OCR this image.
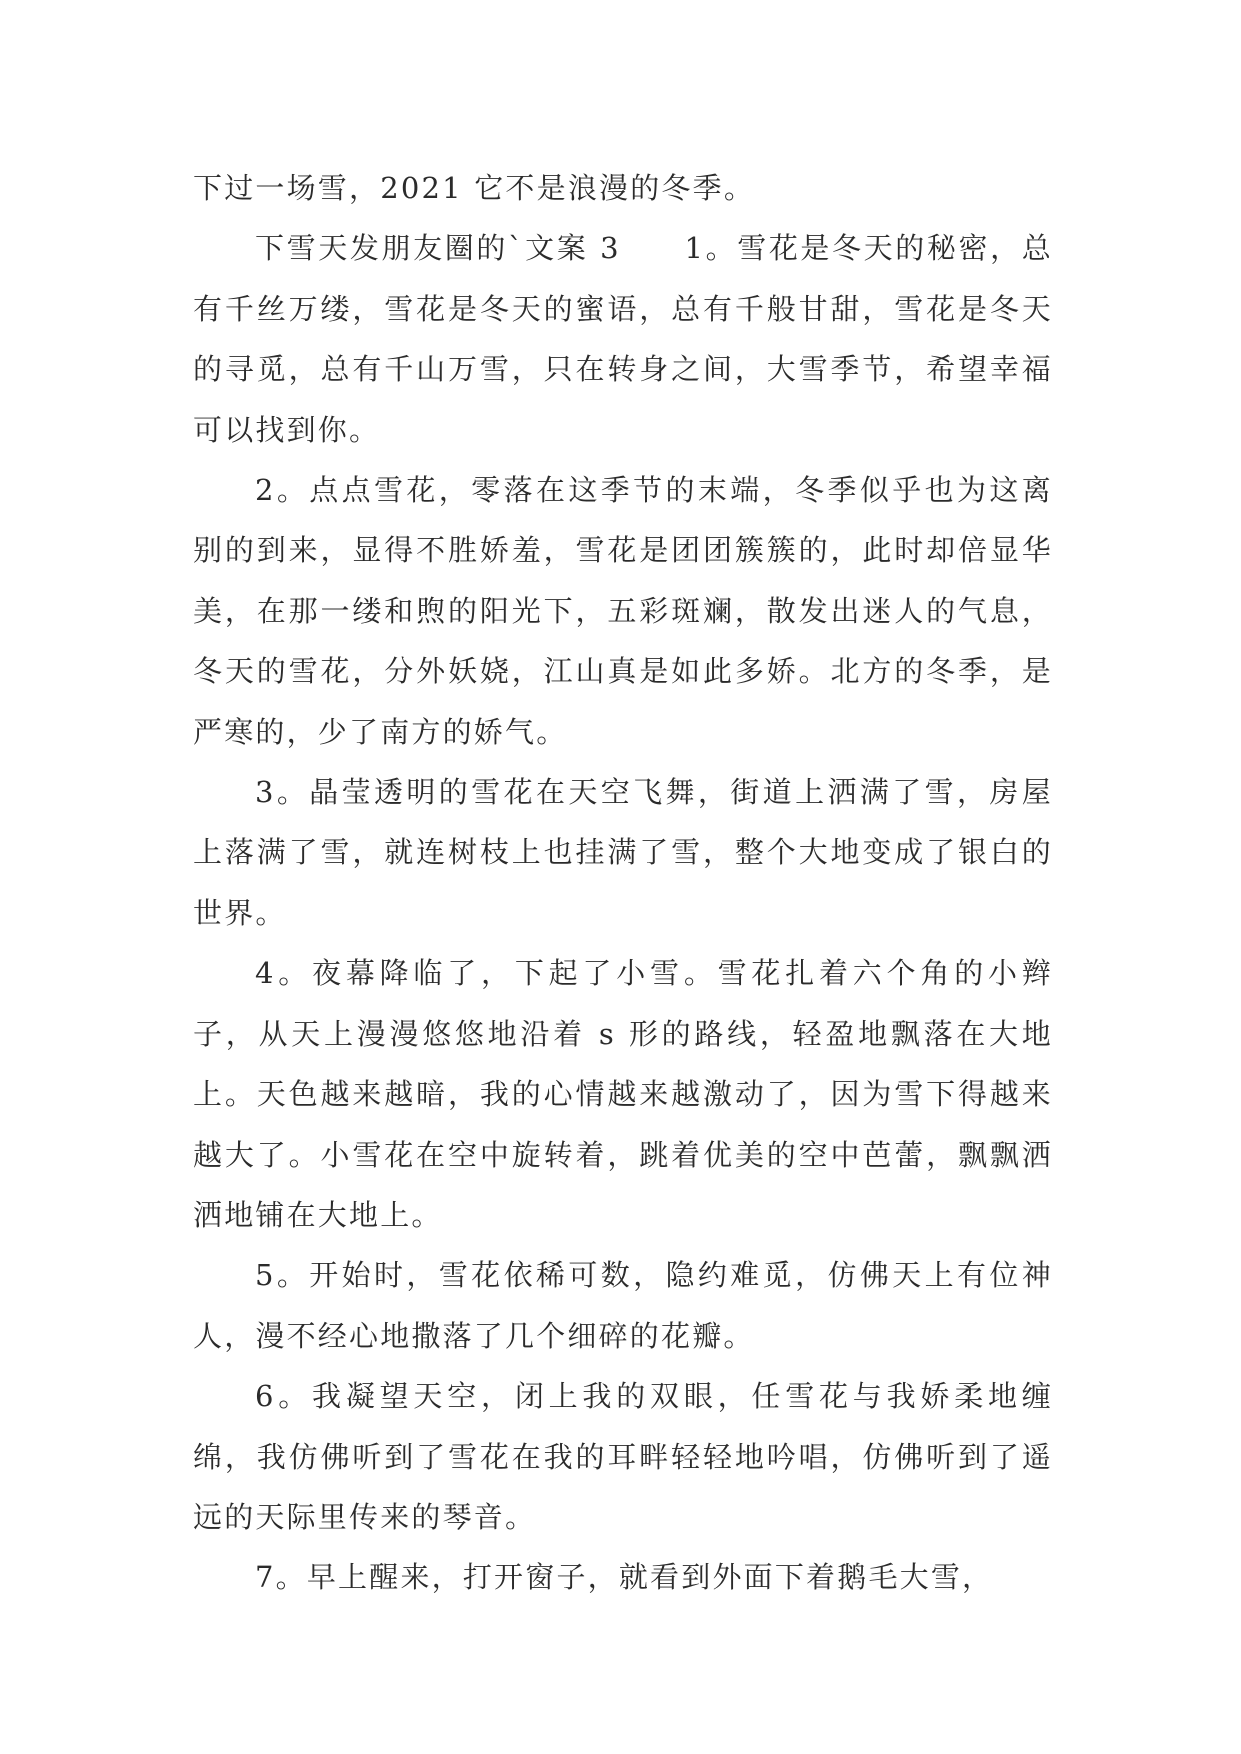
下过一场雪，2021 它不是浪漫的冬季。

下雪天发朋友圈的`文案 3　　1。雪花是冬天的秘密，总有千丝万缕，雪花是冬天的蜜语，总有千般甘甜，雪花是冬天的寻觅，总有千山万雪，只在转身之间，大雪季节，希望幸福可以找到你。

2。点点雪花，零落在这季节的末端，冬季似乎也为这离别的到来，显得不胜娇羞，雪花是团团簇簇的，此时却倍显华美，在那一缕和煦的阳光下，五彩斑斓，散发出迷人的气息，冬天的雪花，分外妖娆，江山真是如此多娇。北方的冬季，是严寒的，少了南方的娇气。

3。晶莹透明的雪花在天空飞舞，街道上洒满了雪，房屋上落满了雪，就连树枝上也挂满了雪，整个大地变成了银白的世界。

4。夜幕降临了，下起了小雪。雪花扎着六个角的小辫子，从天上漫漫悠悠地沿着 s 形的路线，轻盈地飘落在大地上。天色越来越暗，我的心情越来越激动了，因为雪下得越来越大了。小雪花在空中旋转着，跳着优美的空中芭蕾，飘飘洒洒地铺在大地上。

5。开始时，雪花依稀可数，隐约难觅，仿佛天上有位神人，漫不经心地撒落了几个细碎的花瓣。

6。我凝望天空，闭上我的双眼，任雪花与我娇柔地缠绵，我仿佛听到了雪花在我的耳畔轻轻地吟唱，仿佛听到了遥远的天际里传来的琴音。

7。早上醒来，打开窗子，就看到外面下着鹅毛大雪，
